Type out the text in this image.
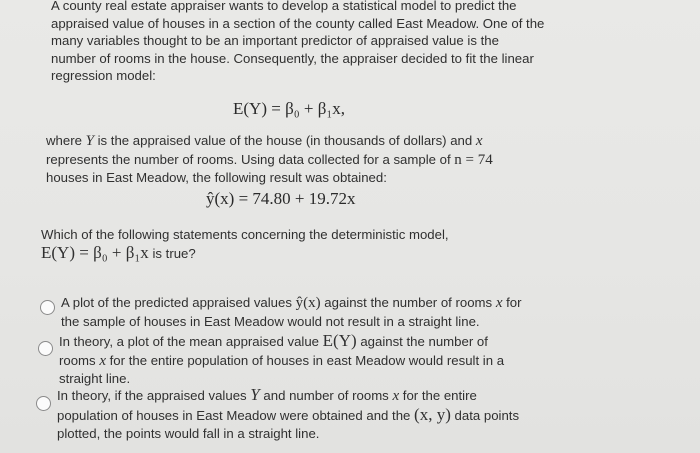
A county real estate appraiser wants to develop a statistical model to predict the
appraised value of houses in a section of the county called East Meadow. One of the
many variables thought to be an important predictor of appraised value is the
number of rooms in the house. Consequently, the appraiser decided to fit the linear
regression model:
E(Y) = β₀ + β₁x,
where Y is the appraised value of the house (in thousands of dollars) and x
represents the number of rooms. Using data collected for a sample of n = 74
houses in East Meadow, the following result was obtained:
ŷ(x) = 74.80 + 19.72x
Which of the following statements concerning the deterministic model,
E(Y) = β₀ + β₁x is true?
A plot of the predicted appraised values ŷ(x) against the number of rooms x for
the sample of houses in East Meadow would not result in a straight line.
In theory, a plot of the mean appraised value E(Y) against the number of
rooms x for the entire population of houses in east Meadow would result in a
straight line.
In theory, if the appraised values Y and number of rooms x for the entire
population of houses in East Meadow were obtained and the (x, y) data points
plotted, the points would fall in a straight line.
